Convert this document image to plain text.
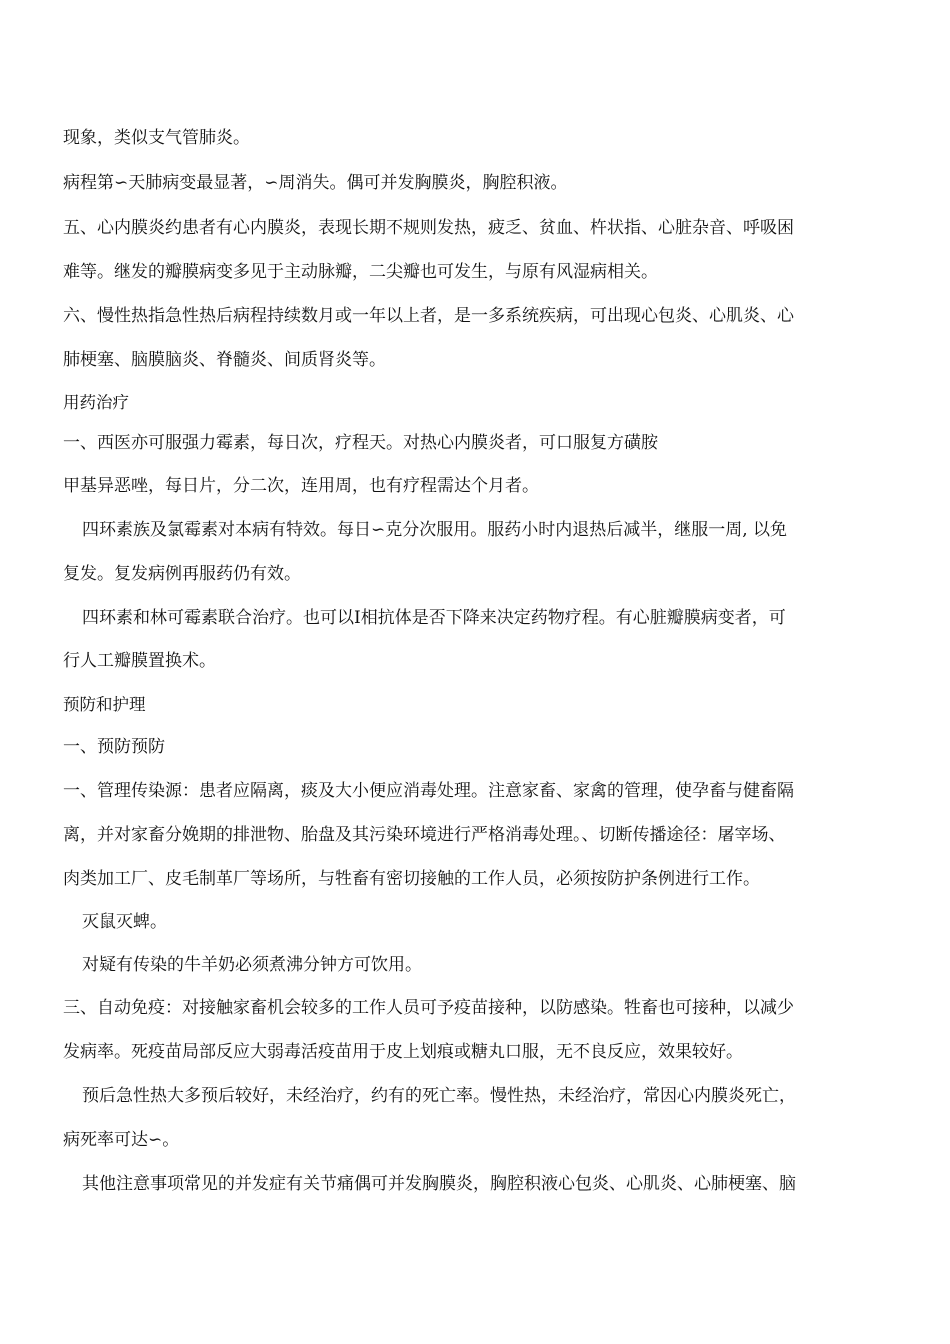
现象，类似支气管肺炎。
病程第∽天肺病变最显著，∽周消失。偶可并发胸膜炎，胸腔积液。
五、心内膜炎约患者有心内膜炎，表现长期不规则发热，疲乏、贫血、杵状指、心脏杂音、呼吸困
难等。继发的瓣膜病变多见于主动脉瓣，二尖瓣也可发生，与原有风湿病相关。
六、慢性热指急性热后病程持续数月或一年以上者，是一多系统疾病，可出现心包炎、心肌炎、心
肺梗塞、脑膜脑炎、脊髓炎、间质肾炎等。
用药治疗
一、西医亦可服强力霉素，每日次，疗程天。对热心内膜炎者，可口服复方磺胺
甲基异恶唑，每日片，分二次，连用周，也有疗程需达个月者。
四环素族及氯霉素对本病有特效。每日∽克分次服用。服药小时内退热后减半，继服一周, 以免
复发。复发病例再服药仍有效。
四环素和林可霉素联合治疗。也可以Ⅰ相抗体是否下降来决定药物疗程。有心脏瓣膜病变者，可
行人工瓣膜置换术。
预防和护理
一、预防预防
一、管理传染源：患者应隔离，痰及大小便应消毒处理。注意家畜、家禽的管理，使孕畜与健畜隔
离，并对家畜分娩期的排泄物、胎盘及其污染环境进行严格消毒处理。、切断传播途径：屠宰场、
肉类加工厂、皮毛制革厂等场所，与牲畜有密切接触的工作人员，必须按防护条例进行工作。
灭鼠灭蜱。
对疑有传染的牛羊奶必须煮沸分钟方可饮用。
三、自动免疫：对接触家畜机会较多的工作人员可予疫苗接种，以防感染。牲畜也可接种，以减少
发病率。死疫苗局部反应大弱毒活疫苗用于皮上划痕或糖丸口服，无不良反应，效果较好。
预后急性热大多预后较好，未经治疗，约有的死亡率。慢性热，未经治疗，常因心内膜炎死亡，
病死率可达∽。
其他注意事项常见的并发症有关节痛偶可并发胸膜炎，胸腔积液心包炎、心肌炎、心肺梗塞、脑
